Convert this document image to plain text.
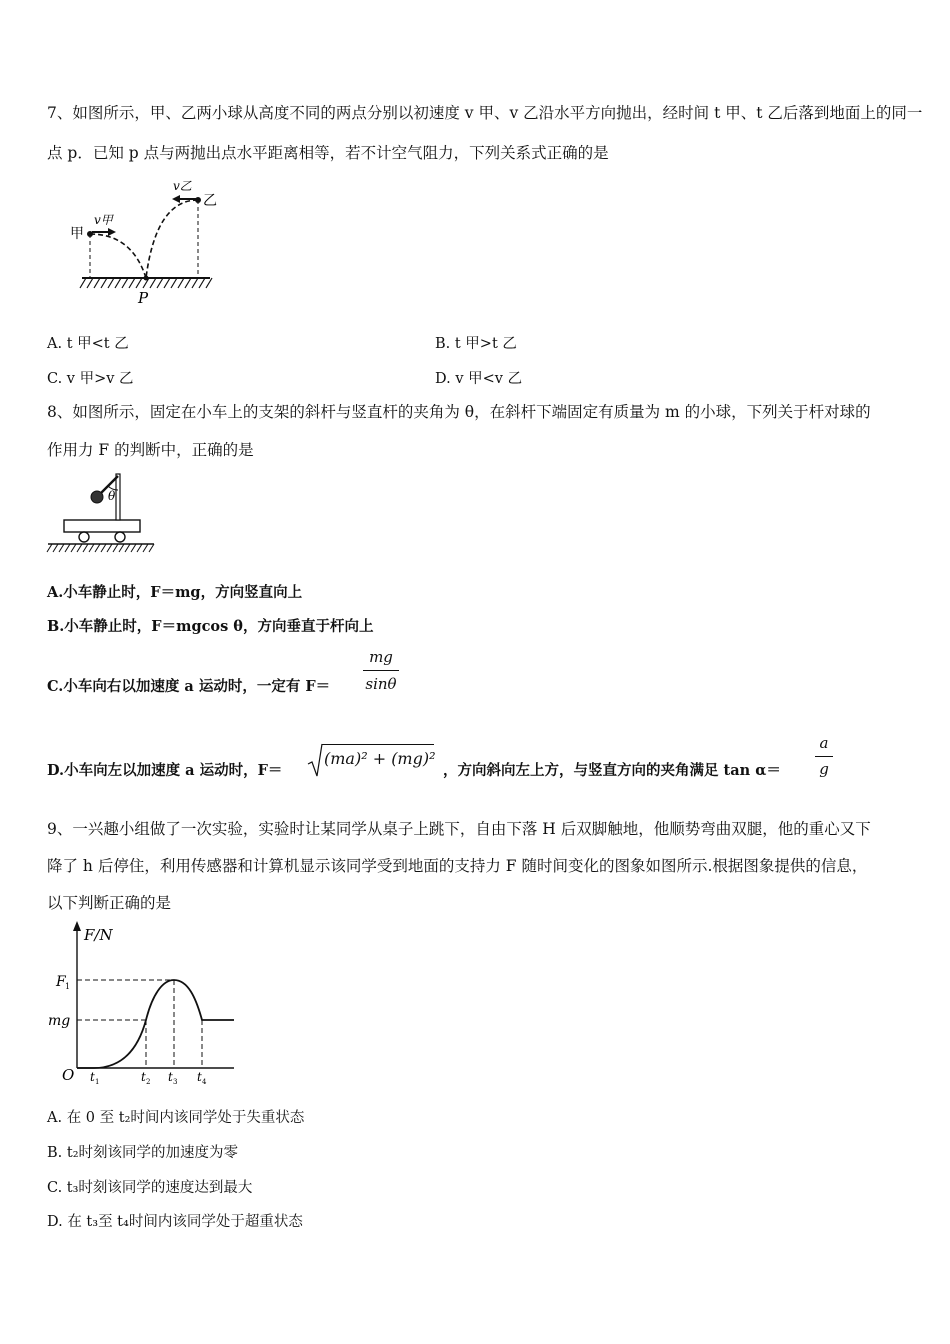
7、如图所示，甲、乙两小球从高度不同的两点分别以初速度 v 甲、v 乙沿水平方向抛出，经时间 t 甲、t 乙后落到地面上的同一
点 p．已知 p 点与两抛出点水平距离相等，若不计空气阻力，下列关系式正确的是
甲
乙
v甲
v乙
P
A. t 甲<t 乙	B. t 甲>t 乙
C. v 甲>v 乙	D. v 甲<v 乙
8、如图所示，固定在小车上的支架的斜杆与竖直杆的夹角为 θ，在斜杆下端固定有质量为 m 的小球，下列关于杆对球的
作用力 F 的判断中，正确的是
θ
A.小车静止时，F＝mg，方向竖直向上
B.小车静止时，F＝mgcos θ，方向垂直于杆向上
C.小车向右以加速度 a 运动时，一定有 F＝
mg
sinθ
D.小车向左以加速度 a 运动时，F＝
(ma)² + (mg)²
，方向斜向左上方，与竖直方向的夹角满足 tan α＝
a
g
9、一兴趣小组做了一次实验，实验时让某同学从桌子上跳下，自由下落 H 后双脚触地，他顺势弯曲双腿，他的重心又下
降了 h 后停住，利用传感器和计算机显示该同学受到地面的支持力 F 随时间变化的图象如图所示.根据图象提供的信息，
以下判断正确的是
F/N
F 1
mg
O t 1	t 2 t 3 t 4
A. 在 0 至 t₂时间内该同学处于失重状态
B. t₂时刻该同学的加速度为零
C. t₃时刻该同学的速度达到最大
D. 在 t₃至 t₄时间内该同学处于超重状态
